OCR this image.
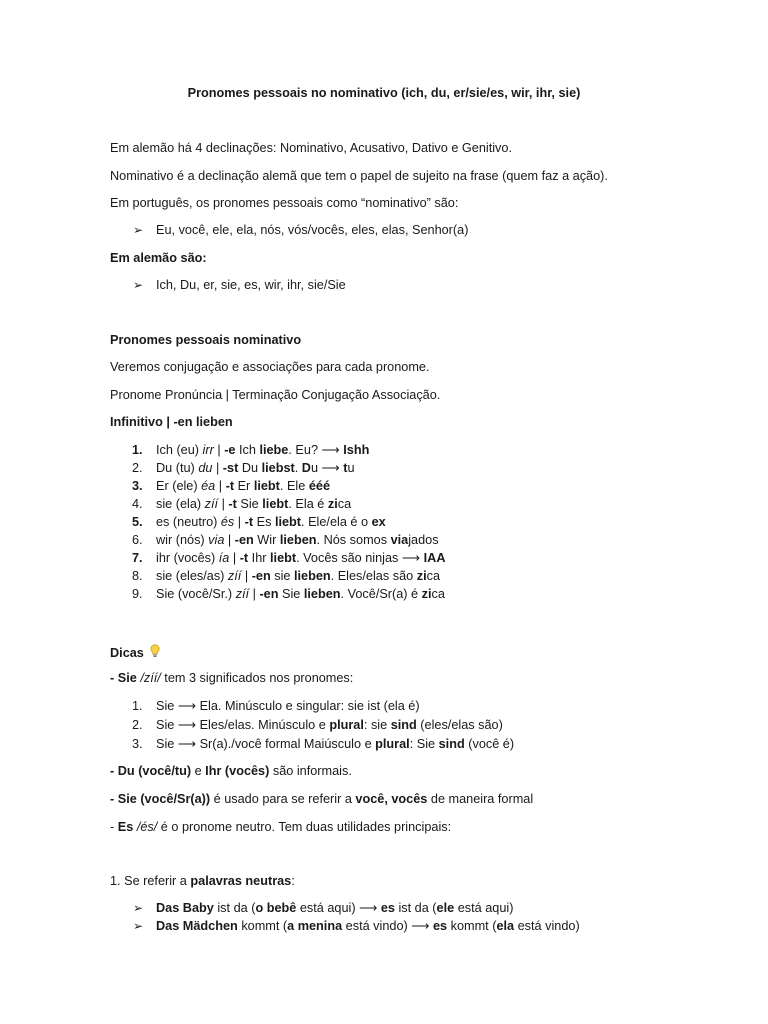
Pronomes pessoais no nominativo (ich, du, er/sie/es, wir, ihr, sie)
Em alemão há 4 declinações: Nominativo, Acusativo, Dativo e Genitivo.
Nominativo é a declinação alemã que tem o papel de sujeito na frase (quem faz a ação).
Em português, os pronomes pessoais como “nominativo” são:
➢ Eu, você, ele, ela, nós, vós/vocês, eles, elas, Senhor(a)
Em alemão são:
➢ Ich, Du, er, sie, es, wir, ihr, sie/Sie
Pronomes pessoais nominativo
Veremos conjugação e associações para cada pronome.
Pronome Pronúncia | Terminação Conjugação Associação.
Infinitivo | -en lieben
1. Ich (eu) irr | -e Ich liebe. Eu? ⟶ Ishh
2. Du (tu) du | -st Du liebst. Du ⟶ tu
3. Er (ele) éa | -t Er liebt. Ele ééé
4. sie (ela) zíí | -t Sie liebt. Ela é zica
5. es (neutro) és | -t Es liebt. Ele/ela é o ex
6. wir (nós) via | -en Wir lieben. Nós somos viajados
7. ihr (vocês) ía | -t Ihr liebt. Vocês são ninjas ⟶ IAA
8. sie (eles/as) zíí | -en sie lieben. Eles/elas são zica
9. Sie (você/Sr.) zíí | -en Sie lieben. Você/Sr(a) é zica
Dicas
- Sie /zíí/ tem 3 significados nos pronomes:
1. Sie ⟶ Ela. Minúsculo e singular: sie ist (ela é)
2. Sie ⟶ Eles/elas. Minúsculo e plural: sie sind (eles/elas são)
3. Sie ⟶ Sr(a)./você formal Maiúsculo e plural: Sie sind (você é)
- Du (você/tu) e Ihr (vocês) são informais.
- Sie (você/Sr(a)) é usado para se referir a você, vocês de maneira formal
- Es /és/ é o pronome neutro. Tem duas utilidades principais:
1. Se referir a palavras neutras:
➢ Das Baby ist da (o bebê está aqui) ⟶ es ist da (ele está aqui)
➢ Das Mädchen kommt (a menina está vindo) ⟶ es kommt (ela está vindo)
